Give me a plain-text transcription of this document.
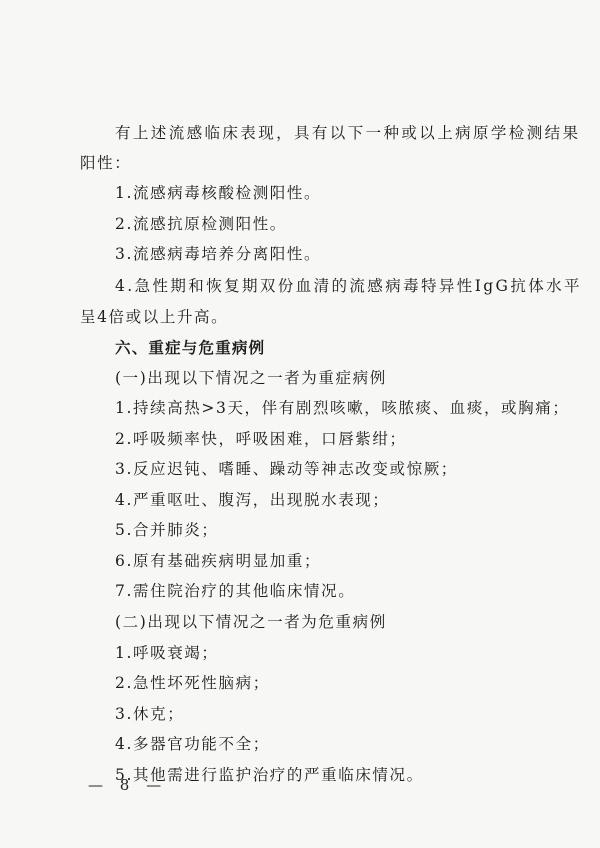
有上述流感临床表现，具有以下一种或以上病原学检测结果
阳性：
1.流感病毒核酸检测阳性。
2.流感抗原检测阳性。
3.流感病毒培养分离阳性。
4.急性期和恢复期双份血清的流感病毒特异性IgG抗体水平
呈4倍或以上升高。
六、重症与危重病例
(一)出现以下情况之一者为重症病例
1.持续高热>3天，伴有剧烈咳嗽，咳脓痰、血痰，或胸痛；
2.呼吸频率快，呼吸困难，口唇紫绀；
3.反应迟钝、嗜睡、躁动等神志改变或惊厥；
4.严重呕吐、腹泻，出现脱水表现；
5.合并肺炎；
6.原有基础疾病明显加重；
7.需住院治疗的其他临床情况。
(二)出现以下情况之一者为危重病例
1.呼吸衰竭；
2.急性坏死性脑病；
3.休克；
4.多器官功能不全；
5.其他需进行监护治疗的严重临床情况。
— 8 —
